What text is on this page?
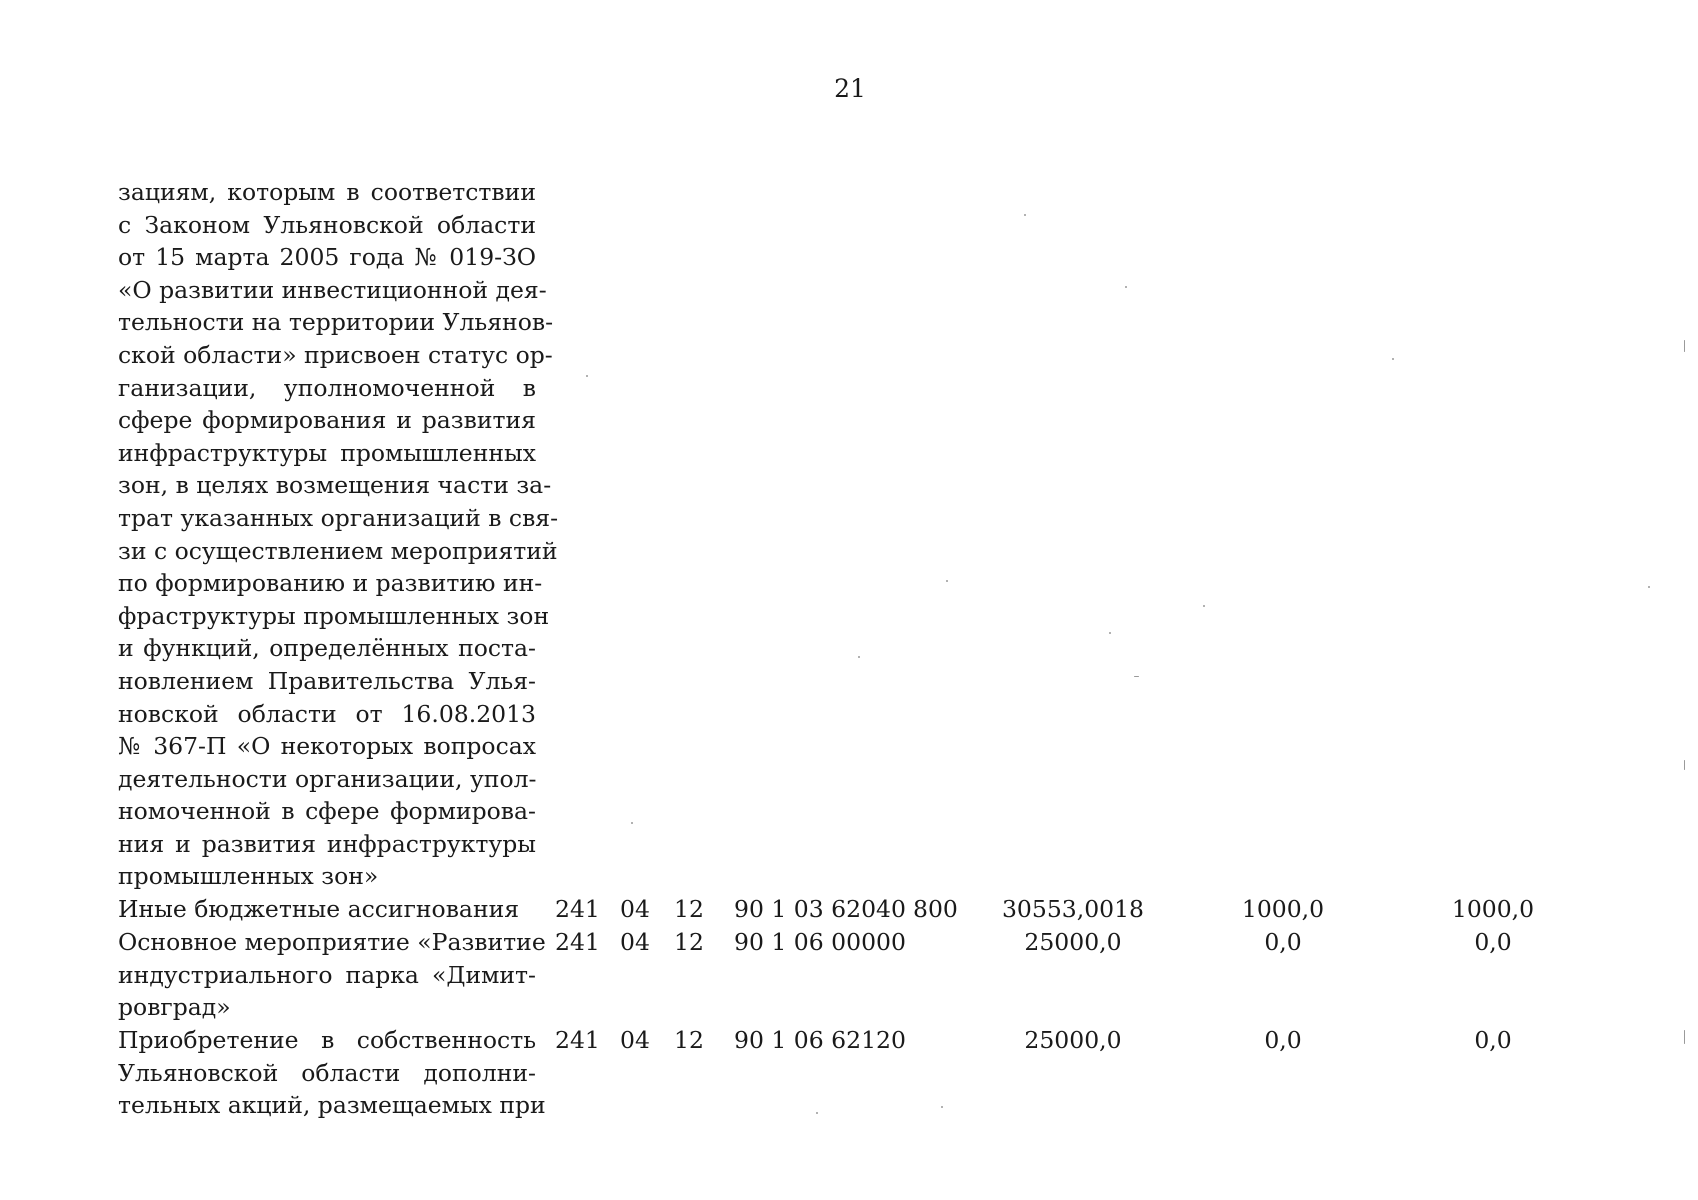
21
зациям, которым в соответствии
с Законом Ульяновской области
от 15 марта 2005 года № 019-ЗО
«О развитии инвестиционной дея-
тельности на территории Ульянов-
ской области» присвоен статус ор-
ганизации, уполномоченной в
сфере формирования и развития
инфраструктуры промышленных
зон, в целях возмещения части за-
трат указанных организаций в свя-
зи с осуществлением мероприятий
по формированию и развитию ин-
фраструктуры промышленных зон
и функций, определённых поста-
новлением Правительства Улья-
новской области от 16.08.2013
№ 367-П «О некоторых вопросах
деятельности организации, упол-
номоченной в сфере формирова-
ния и развития инфраструктуры
промышленных зон»
Иные бюджетные ассигнования	241 04 12 90 1 03 62040 800 30553,0018	1000,0	1000,0
Основное мероприятие «Развитие
индустриального парка «Димит-
ровград»
241 04 12 90 1 06 00000	25000,0	0,0	0,0
Приобретение в собственность
Ульяновской области дополни-
тельных акций, размещаемых при
241 04 12 90 1 06 62120	25000,0	0,0	0,0
